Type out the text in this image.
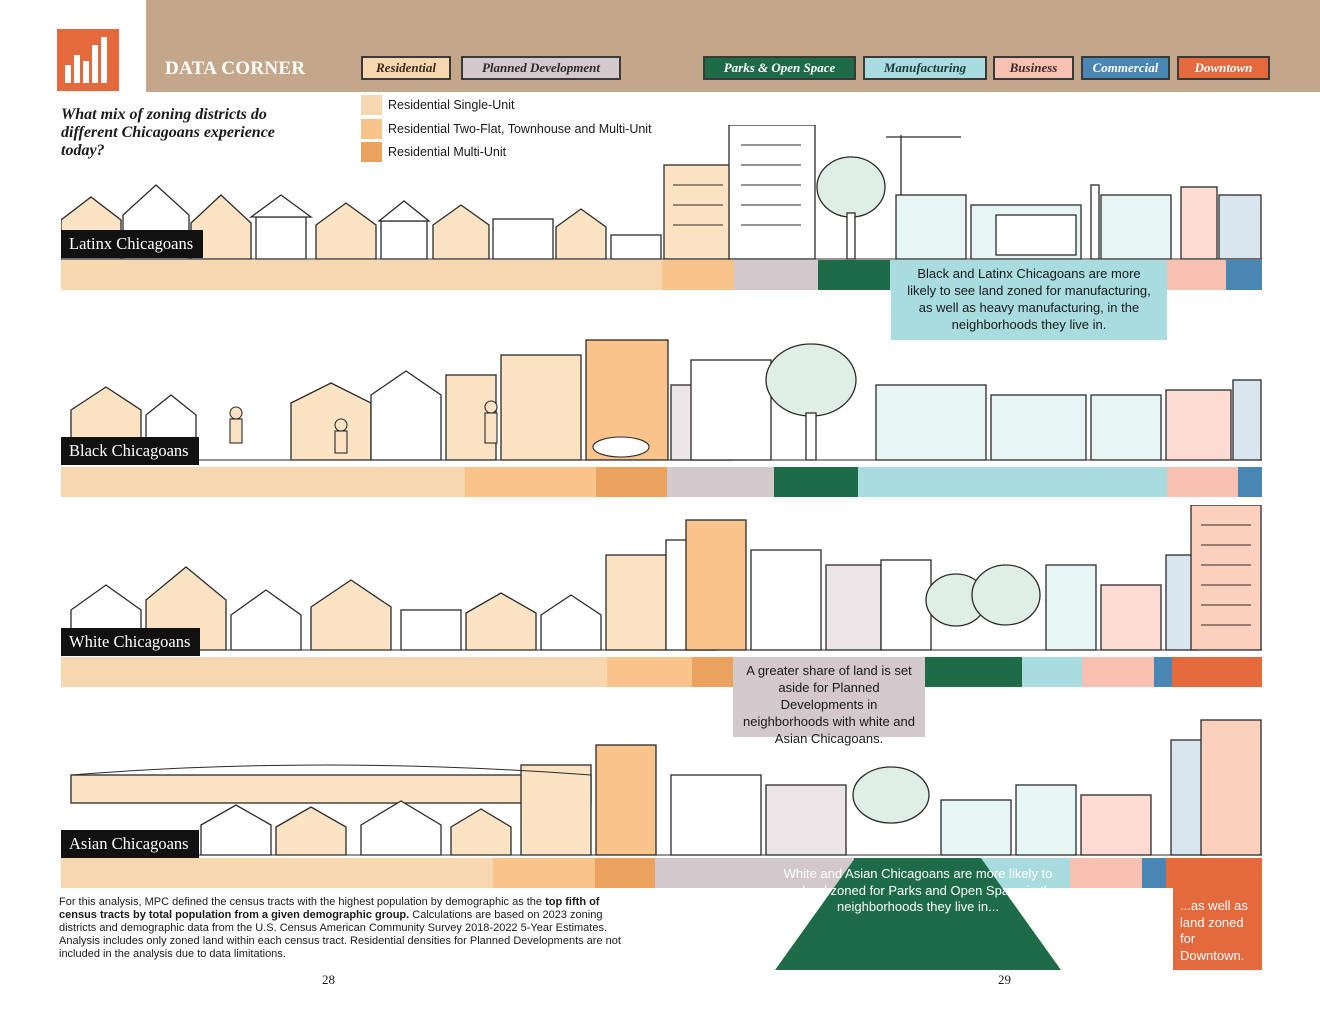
DATA CORNER	Residential	Planned Development	Parks & Open Space	Manufacturing	Business	Commercial	Downtown
What mix of zoning districts do different Chicagoans experience today?
Residential Single-Unit
Residential Two-Flat, Townhouse and Multi-Unit
Residential Multi-Unit
Latinx Chicagoans
Black and Latinx Chicagoans are more likely to see land zoned for manufacturing, as well as heavy manufacturing, in the neighborhoods they live in.
Black Chicagoans
White Chicagoans
A greater share of land is set aside for Planned Developments in neighborhoods with white and Asian Chicagoans.
Asian Chicagoans
White and Asian Chicagoans are more likely to see land zoned for Parks and Open Space in the neighborhoods they live in...	...as well as land zoned for Downtown.
For this analysis, MPC defined the census tracts with the highest population by demographic as the top fifth of census tracts by total population from a given demographic group. Calculations are based on 2023 zoning districts and demographic data from the U.S. Census American Community Survey 2018-2022 5-Year Estimates. Analysis includes only zoned land within each census tract. Residential densities for Planned Developments are not included in the analysis due to data limitations.
28	29
